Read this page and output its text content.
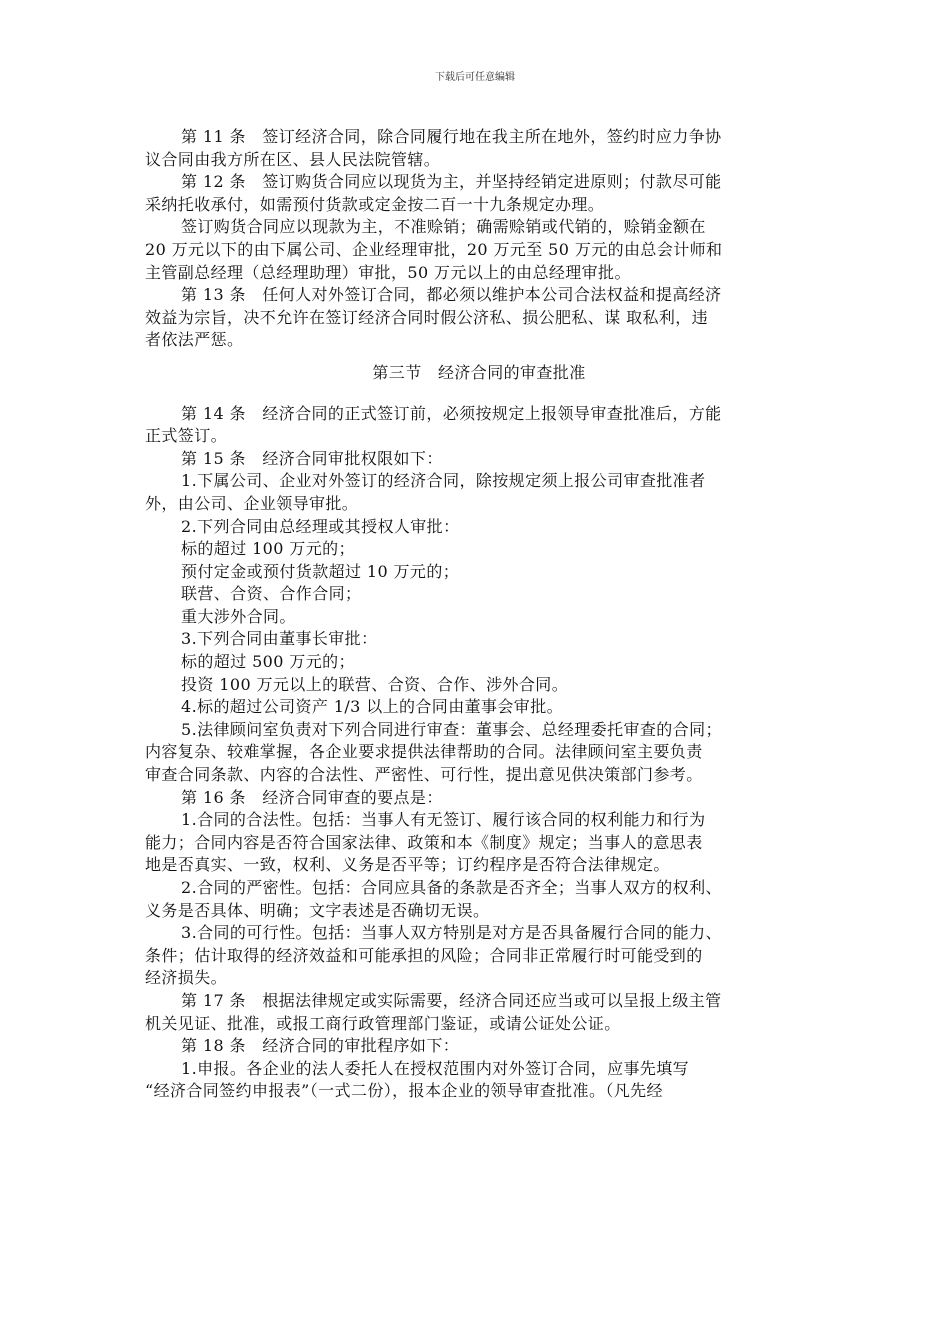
下载后可任意编辑

第 11 条　签订经济合同，除合同履行地在我主所在地外，签约时应力争协

议合同由我方所在区、县人民法院管辖。

第 12 条　签订购货合同应以现货为主，并坚持经销定进原则；付款尽可能

采纳托收承付，如需预付货款或定金按二百一十九条规定办理。

签订购货合同应以现款为主，不准赊销；确需赊销或代销的，赊销金额在

20 万元以下的由下属公司、企业经理审批，20 万元至 50 万元的由总会计师和

主管副总经理（总经理助理）审批，50 万元以上的由总经理审批。

第 13 条　任何人对外签订合同，都必须以维护本公司合法权益和提高经济

效益为宗旨，决不允许在签订经济合同时假公济私、损公肥私、谋 取私利，违

者依法严惩。

第三节　经济合同的审查批准

第 14 条　经济合同的正式签订前，必须按规定上报领导审查批准后，方能

正式签订。

第 15 条　经济合同审批权限如下：

1.下属公司、企业对外签订的经济合同，除按规定须上报公司审查批准者

外，由公司、企业领导审批。

2.下列合同由总经理或其授权人审批：

标的超过 100 万元的；

预付定金或预付货款超过 10 万元的；

联营、合资、合作合同；

重大涉外合同。

3.下列合同由董事长审批：

标的超过 500 万元的；

投资 100 万元以上的联营、合资、合作、涉外合同。

4.标的超过公司资产 1/3 以上的合同由董事会审批。

5.法律顾问室负责对下列合同进行审查：董事会、总经理委托审查的合同；

内容复杂、较难掌握，各企业要求提供法律帮助的合同。法律顾问室主要负责

审查合同条款、内容的合法性、严密性、可行性，提出意见供决策部门参考。

第 16 条　经济合同审查的要点是：

1.合同的合法性。包括：当事人有无签订、履行该合同的权利能力和行为

能力；合同内容是否符合国家法律、政策和本《制度》规定；当事人的意思表

地是否真实、一致，权利、义务是否平等；订约程序是否符合法律规定。

2.合同的严密性。包括：合同应具备的条款是否齐全；当事人双方的权利、

义务是否具体、明确；文字表述是否确切无误。

3.合同的可行性。包括：当事人双方特别是对方是否具备履行合同的能力、

条件；估计取得的经济效益和可能承担的风险；合同非正常履行时可能受到的

经济损失。

第 17 条　根据法律规定或实际需要，经济合同还应当或可以呈报上级主管

机关见证、批准，或报工商行政管理部门鉴证，或请公证处公证。

第 18 条　经济合同的审批程序如下：

1.申报。各企业的法人委托人在授权范围内对外签订合同，应事先填写

“经济合同签约申报表”（一式二份），报本企业的领导审查批准。（凡先经
